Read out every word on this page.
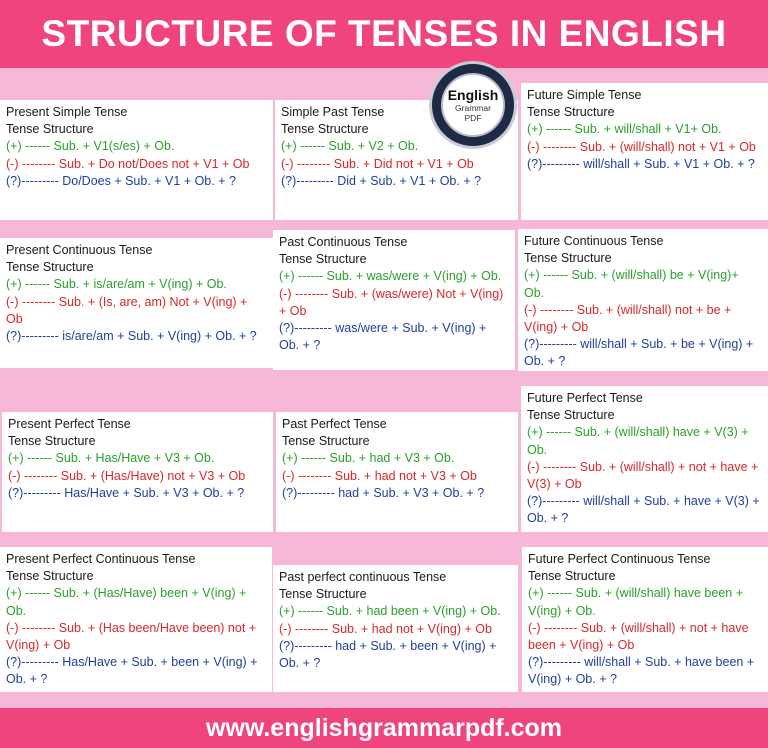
STRUCTURE OF TENSES IN ENGLISH
Present Simple Tense
Tense Structure
(+) ------ Sub. + V1(s/es) + Ob.
(-) -------- Sub. + Do not/Does not + V1 + Ob
(?)--------- Do/Does + Sub. + V1 + Ob. + ?
Simple Past Tense
Tense Structure
(+) ------ Sub. + V2 + Ob.
(-) -------- Sub. + Did not + V1 + Ob
(?)--------- Did + Sub. + V1 + Ob. + ?
Future Simple Tense
Tense Structure
(+) ------ Sub. + will/shall + V1+ Ob.
(-) -------- Sub. + (will/shall) not + V1 + Ob
(?)--------- will/shall + Sub. + V1 + Ob. + ?
Present Continuous Tense
Tense Structure
(+) ------ Sub. + is/are/am + V(ing) + Ob.
(-) -------- Sub. + (Is, are, am) Not + V(ing) + Ob
(?)--------- is/are/am + Sub. + V(ing) + Ob. + ?
Past Continuous Tense
Tense Structure
(+) ------ Sub. + was/were + V(ing) + Ob.
(-) -------- Sub. + (was/were) Not + V(ing) + Ob
(?)--------- was/were + Sub. + V(ing) + Ob. + ?
Future Continuous Tense
Tense Structure
(+) ------ Sub. + (will/shall) be + V(ing)+ Ob.
(-) -------- Sub. + (will/shall) not + be + V(ing) + Ob
(?)--------- will/shall + Sub. + be + V(ing) + Ob. + ?
Present Perfect Tense
Tense Structure
(+) ------ Sub. + Has/Have + V3 + Ob.
(-) -------- Sub. + (Has/Have) not + V3 + Ob
(?)--------- Has/Have + Sub. + V3 + Ob. + ?
Past Perfect Tense
Tense Structure
(+) ------ Sub. + had + V3 + Ob.
(-) -------- Sub. + had not + V3 + Ob
(?)--------- had + Sub. + V3 + Ob. + ?
Future Perfect Tense
Tense Structure
(+) ------ Sub. + (will/shall) have + V(3) + Ob.
(-) -------- Sub. + (will/shall) + not + have + V(3) + Ob
(?)--------- will/shall + Sub. + have + V(3) + Ob. + ?
Present Perfect Continuous Tense
Tense Structure
(+) ------ Sub. + (Has/Have) been + V(ing) + Ob.
(-) -------- Sub. + (Has been/Have been) not + V(ing) + Ob
(?)--------- Has/Have + Sub. + been + V(ing) + Ob. + ?
Past perfect continuous Tense
Tense Structure
(+) ------ Sub. + had been + V(ing) + Ob.
(-) -------- Sub. + had not + V(ing) + Ob
(?)--------- had + Sub. + been + V(ing) + Ob. + ?
Future Perfect Continuous Tense
Tense Structure
(+) ------ Sub. + (will/shall) have been + V(ing) + Ob.
(-) -------- Sub. + (will/shall) + not + have been + V(ing) + Ob
(?)--------- will/shall + Sub. + have been + V(ing) + Ob. + ?
English
Grammar
PDF
www.englishgrammarpdf.com
